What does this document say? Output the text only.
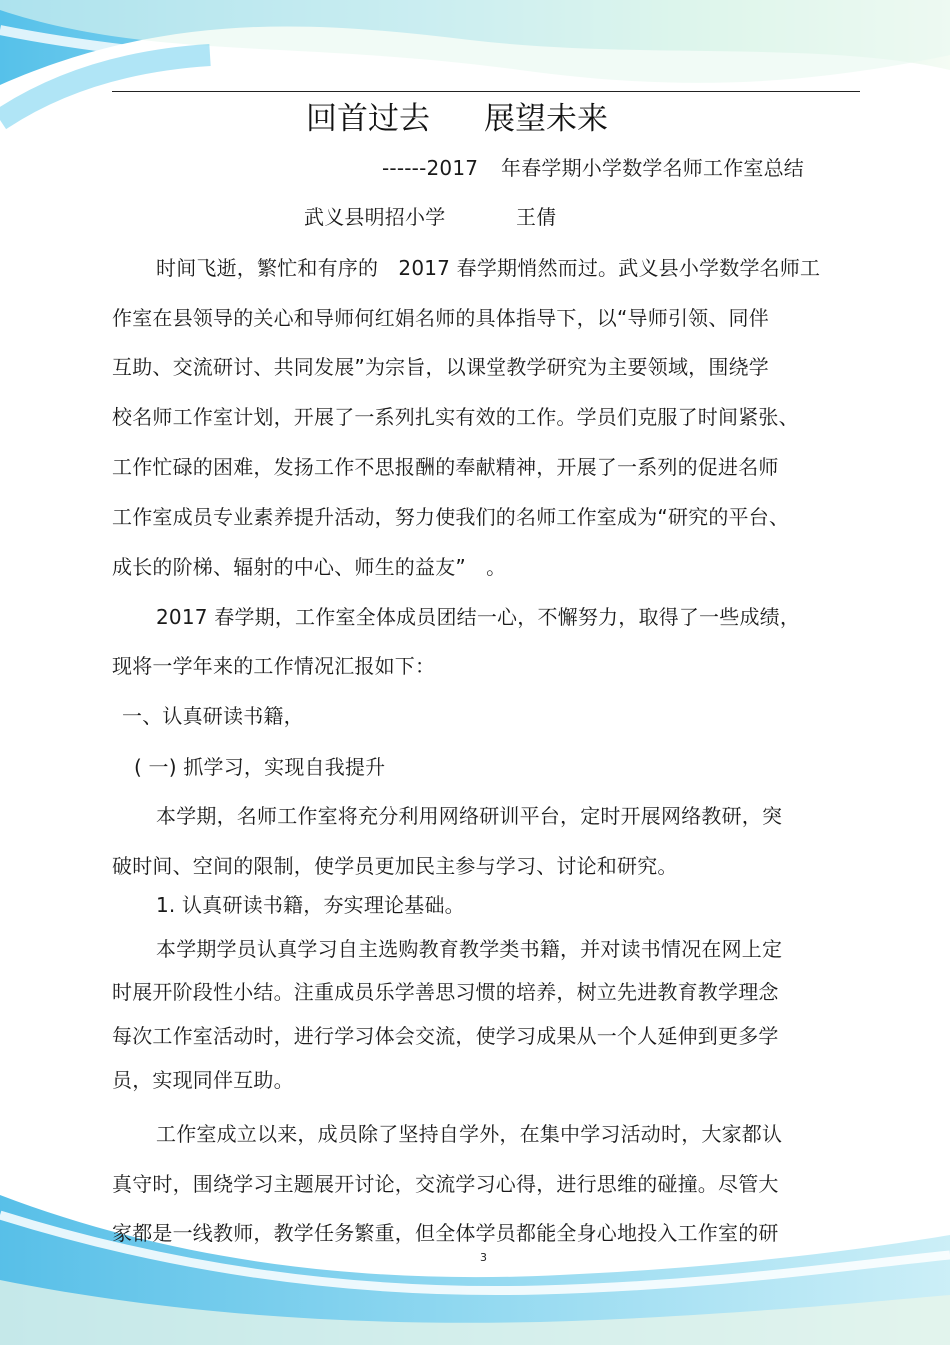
回首过去 展望未来
------2017 年春学期小学数学名师工作室总结
武义县明招小学	王倩
时间飞逝，繁忙和有序的　2017 春学期悄然而过。武义县小学数学名师工
作室在县领导的关心和导师何红娟名师的具体指导下，以“导师引领、同伴
互助、交流研讨、共同发展”为宗旨，以课堂教学研究为主要领域，围绕学
校名师工作室计划，开展了一系列扎实有效的工作。学员们克服了时间紧张、
工作忙碌的困难，发扬工作不思报酬的奉献精神，开展了一系列的促进名师
工作室成员专业素养提升活动，努力使我们的名师工作室成为“研究的平台、
成长的阶梯、辐射的中心、师生的益友”　。
2017 春学期，工作室全体成员团结一心，不懈努力，取得了一些成绩，
现将一学年来的工作情况汇报如下：
一、认真研读书籍，
( 一) 抓学习，实现自我提升
本学期，名师工作室将充分利用网络研训平台，定时开展网络教研，突
破时间、空间的限制，使学员更加民主参与学习、讨论和研究。
1. 认真研读书籍，夯实理论基础。
本学期学员认真学习自主选购教育教学类书籍，并对读书情况在网上定
时展开阶段性小结。注重成员乐学善思习惯的培养，树立先进教育教学理念
每次工作室活动时，进行学习体会交流，使学习成果从一个人延伸到更多学
员，实现同伴互助。
工作室成立以来，成员除了坚持自学外，在集中学习活动时，大家都认
真守时，围绕学习主题展开讨论，交流学习心得，进行思维的碰撞。尽管大
家都是一线教师，教学任务繁重，但全体学员都能全身心地投入工作室的研
3
